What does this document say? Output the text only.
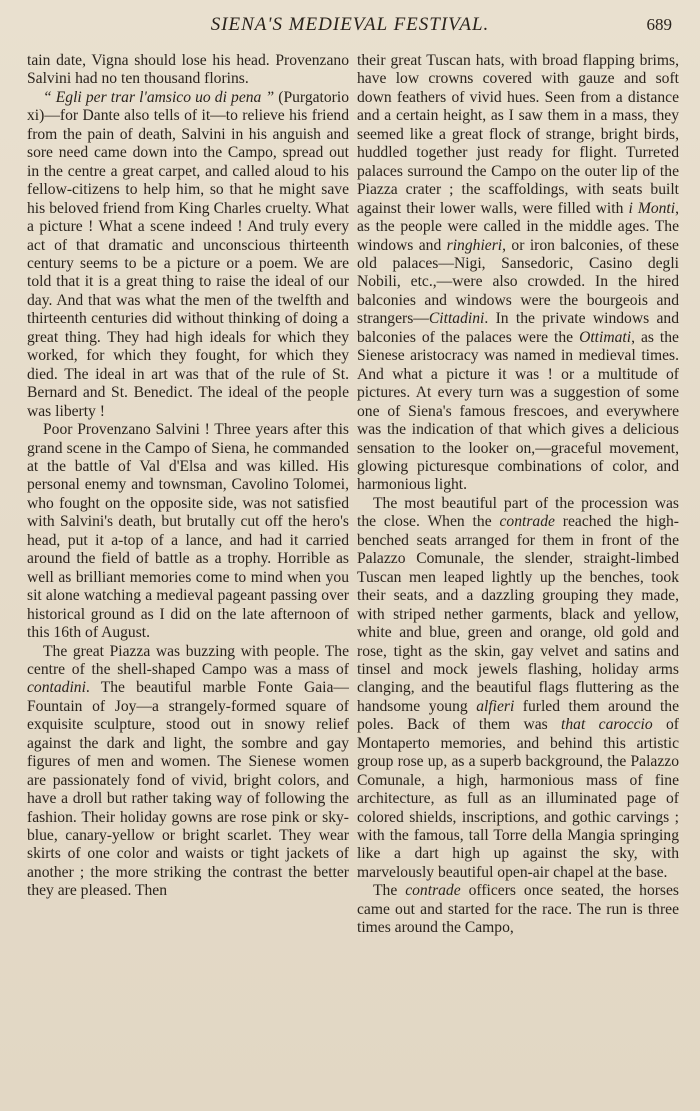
SIENA'S MEDIEVAL FESTIVAL.	689

tain date, Vigna should lose his head. Provenzano Salvini had no ten thousand florins.

“ Egli per trar l'amsico uo di pena ” (Purgatorio xi)—for Dante also tells of it—to relieve his friend from the pain of death, Salvini in his anguish and sore need came down into the Campo, spread out in the centre a great carpet, and called aloud to his fellow-citizens to help him, so that he might save his beloved friend from King Charles cruelty. What a picture ! What a scene indeed ! And truly every act of that dramatic and unconscious thirteenth century seems to be a picture or a poem. We are told that it is a great thing to raise the ideal of our day. And that was what the men of the twelfth and thirteenth centuries did without thinking of doing a great thing. They had high ideals for which they worked, for which they fought, for which they died. The ideal in art was that of the rule of St. Bernard and St. Benedict. The ideal of the people was liberty !

Poor Provenzano Salvini ! Three years after this grand scene in the Campo of Siena, he commanded at the battle of Val d'Elsa and was killed. His personal enemy and townsman, Cavolino Tolomei, who fought on the opposite side, was not satisfied with Salvini's death, but brutally cut off the hero's head, put it a-top of a lance, and had it carried around the field of battle as a trophy. Horrible as well as brilliant memories come to mind when you sit alone watching a medieval pageant passing over historical ground as I did on the late afternoon of this 16th of August.

The great Piazza was buzzing with people. The centre of the shell-shaped Campo was a mass of contadini. The beautiful marble Fonte Gaia—Fountain of Joy—a strangely-formed square of exquisite sculpture, stood out in snowy relief against the dark and light, the sombre and gay figures of men and women. The Sienese women are passionately fond of vivid, bright colors, and have a droll but rather taking way of following the fashion. Their holiday gowns are rose pink or sky-blue, canary-yellow or bright scarlet. They wear skirts of one color and waists or tight jackets of another ; the more striking the contrast the better they are pleased. Then

their great Tuscan hats, with broad flapping brims, have low crowns covered with gauze and soft down feathers of vivid hues. Seen from a distance and a certain height, as I saw them in a mass, they seemed like a great flock of strange, bright birds, huddled together just ready for flight. Turreted palaces surround the Campo on the outer lip of the Piazza crater ; the scaffoldings, with seats built against their lower walls, were filled with i Monti, as the people were called in the middle ages. The windows and ringhieri, or iron balconies, of these old palaces—Nigi, Sansedoric, Casino degli Nobili, etc.,—were also crowded. In the hired balconies and windows were the bourgeois and strangers—Cittadini. In the private windows and balconies of the palaces were the Ottimati, as the Sienese aristocracy was named in medieval times. And what a picture it was ! or a multitude of pictures. At every turn was a suggestion of some one of Siena's famous frescoes, and everywhere was the indication of that which gives a delicious sensation to the looker on,—graceful movement, glowing picturesque combinations of color, and harmonious light.

The most beautiful part of the procession was the close. When the contrade reached the high-benched seats arranged for them in front of the Palazzo Comunale, the slender, straight-limbed Tuscan men leaped lightly up the benches, took their seats, and a dazzling grouping they made, with striped nether garments, black and yellow, white and blue, green and orange, old gold and rose, tight as the skin, gay velvet and satins and tinsel and mock jewels flashing, holiday arms clanging, and the beautiful flags fluttering as the handsome young alfieri furled them around the poles. Back of them was that caroccio of Montaperto memories, and behind this artistic group rose up, as a superb background, the Palazzo Comunale, a high, harmonious mass of fine architecture, as full as an illuminated page of colored shields, inscriptions, and gothic carvings ; with the famous, tall Torre della Mangia springing like a dart high up against the sky, with marvelously beautiful open-air chapel at the base.

The contrade officers once seated, the horses came out and started for the race. The run is three times around the Campo,
